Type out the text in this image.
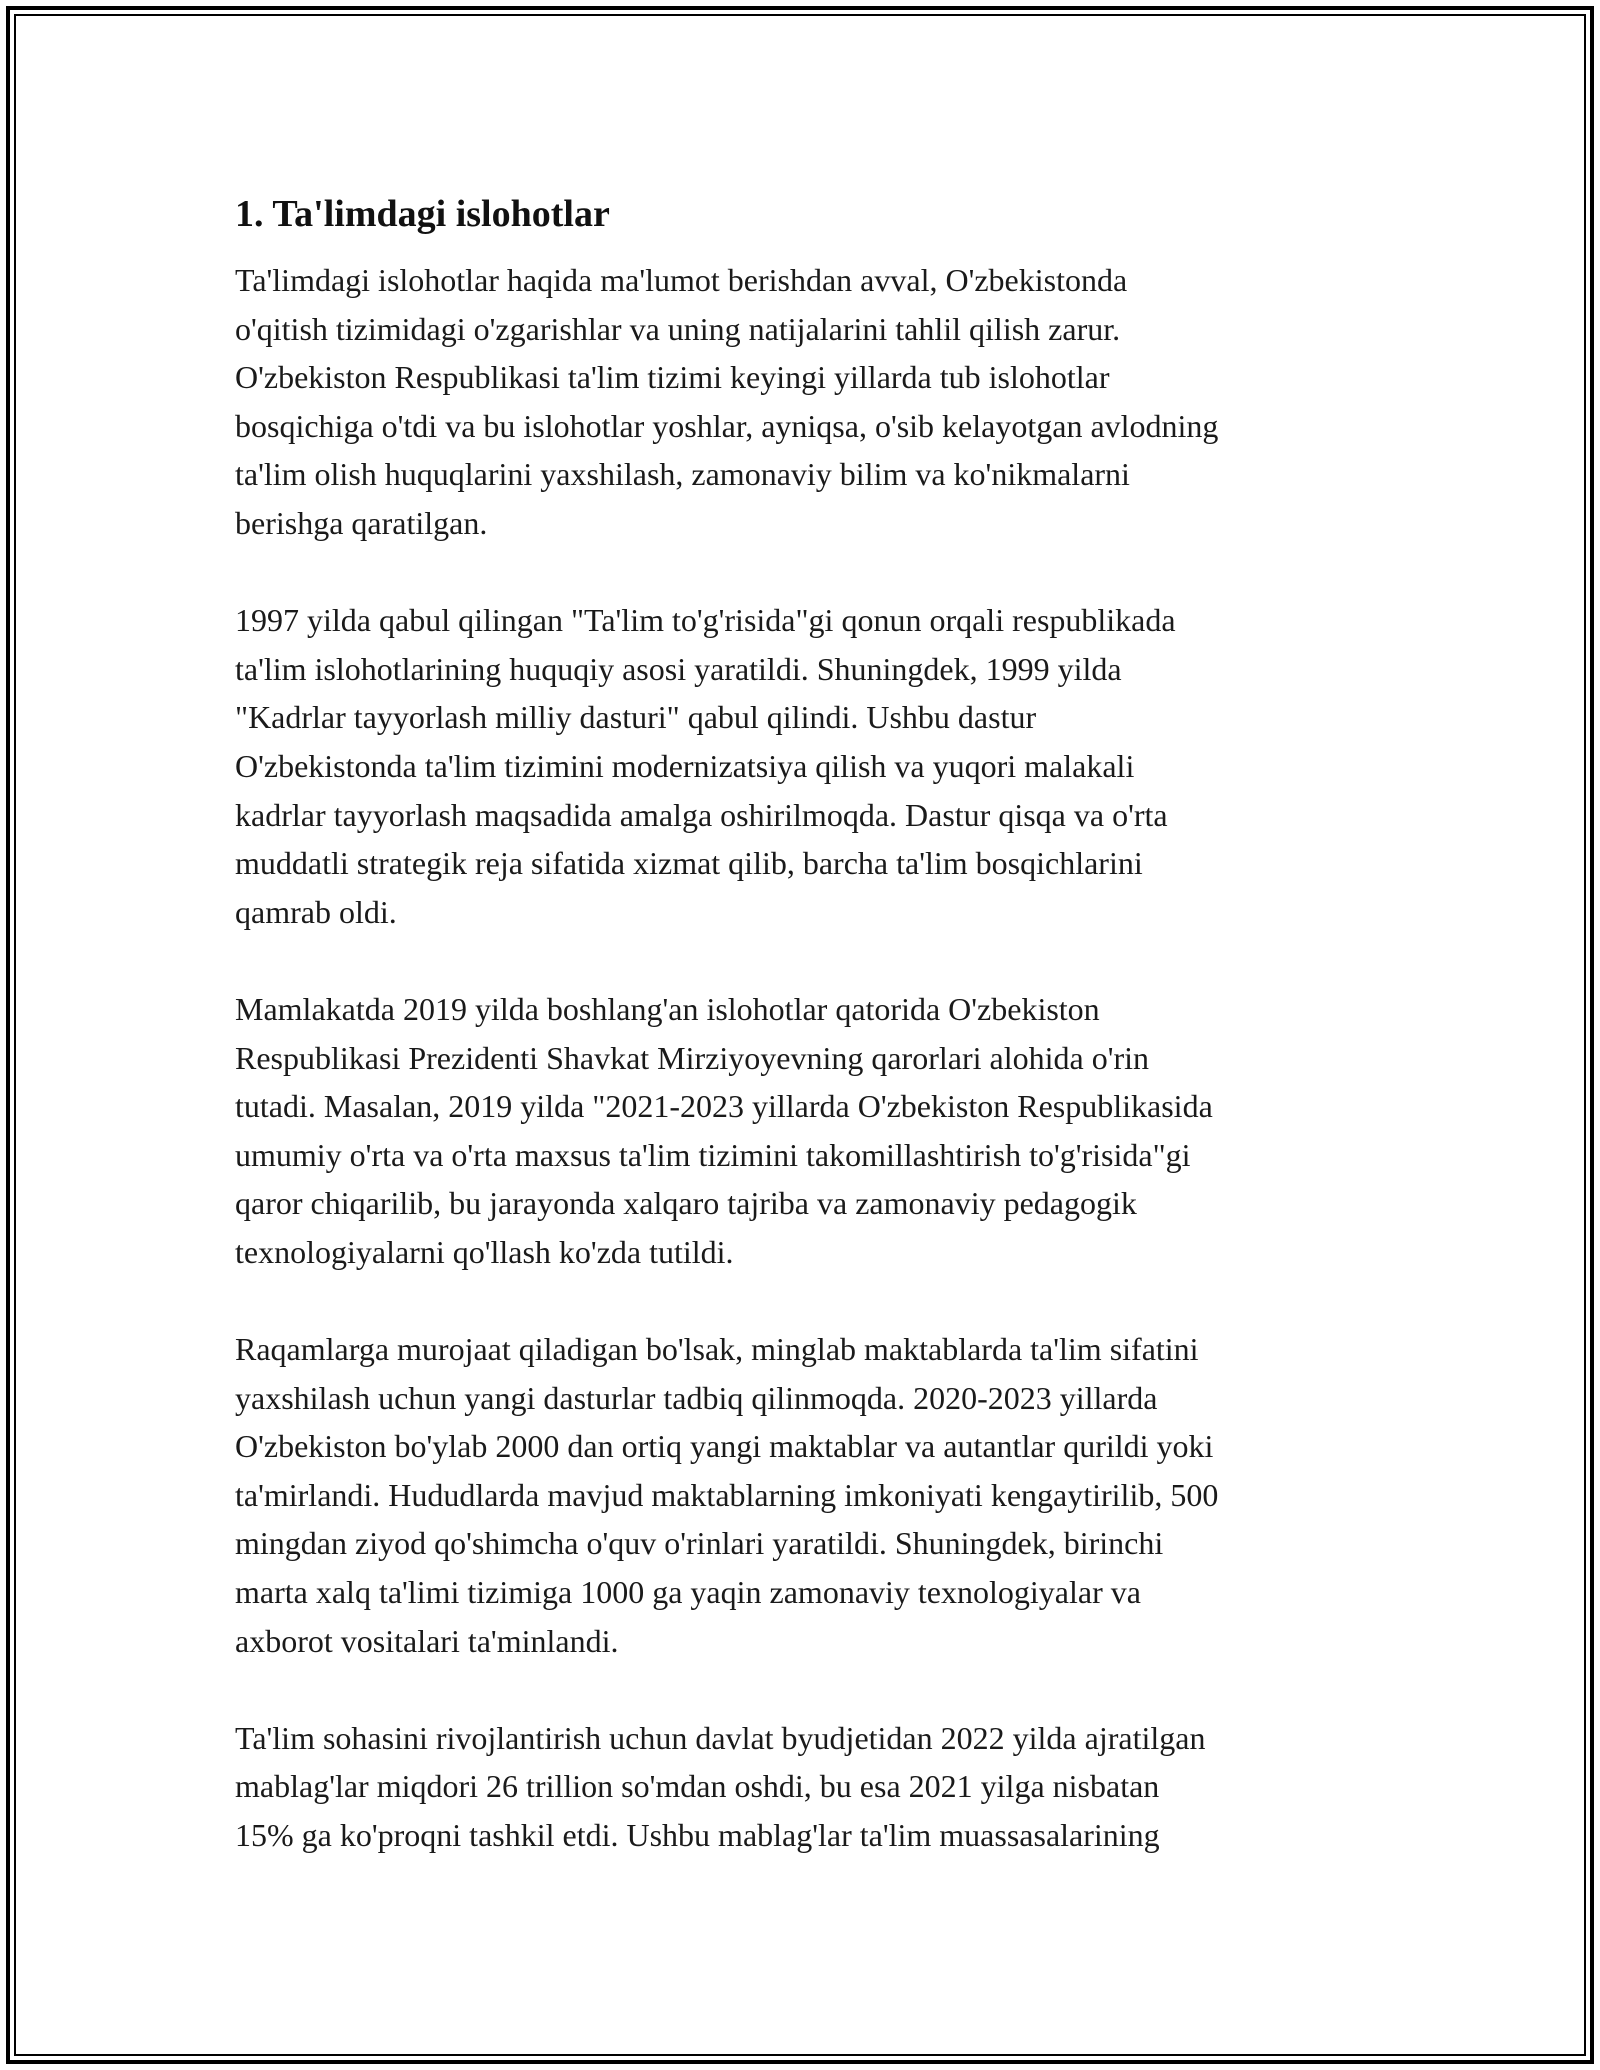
1. Ta'limdagi islohotlar

Ta'limdagi islohotlar haqida ma'lumot berishdan avval, O'zbekistonda
o'qitish tizimidagi o'zgarishlar va uning natijalarini tahlil qilish zarur.
O'zbekiston Respublikasi ta'lim tizimi keyingi yillarda tub islohotlar
bosqichiga o'tdi va bu islohotlar yoshlar, ayniqsa, o'sib kelayotgan avlodning
ta'lim olish huquqlarini yaxshilash, zamonaviy bilim va ko'nikmalarni
berishga qaratilgan.

1997 yilda qabul qilingan "Ta'lim to'g'risida"gi qonun orqali respublikada
ta'lim islohotlarining huquqiy asosi yaratildi. Shuningdek, 1999 yilda
"Kadrlar tayyorlash milliy dasturi" qabul qilindi. Ushbu dastur
O'zbekistonda ta'lim tizimini modernizatsiya qilish va yuqori malakali
kadrlar tayyorlash maqsadida amalga oshirilmoqda. Dastur qisqa va o'rta
muddatli strategik reja sifatida xizmat qilib, barcha ta'lim bosqichlarini
qamrab oldi.

Mamlakatda 2019 yilda boshlang'an islohotlar qatorida O'zbekiston
Respublikasi Prezidenti Shavkat Mirziyoyevning qarorlari alohida o'rin
tutadi. Masalan, 2019 yilda "2021-2023 yillarda O'zbekiston Respublikasida
umumiy o'rta va o'rta maxsus ta'lim tizimini takomillashtirish to'g'risida"gi
qaror chiqarilib, bu jarayonda xalqaro tajriba va zamonaviy pedagogik
texnologiyalarni qo'llash ko'zda tutildi.

Raqamlarga murojaat qiladigan bo'lsak, minglab maktablarda ta'lim sifatini
yaxshilash uchun yangi dasturlar tadbiq qilinmoqda. 2020-2023 yillarda
O'zbekiston bo'ylab 2000 dan ortiq yangi maktablar va autantlar qurildi yoki
ta'mirlandi. Hududlarda mavjud maktablarning imkoniyati kengaytirilib, 500
mingdan ziyod qo'shimcha o'quv o'rinlari yaratildi. Shuningdek, birinchi
marta xalq ta'limi tizimiga 1000 ga yaqin zamonaviy texnologiyalar va
axborot vositalari ta'minlandi.

Ta'lim sohasini rivojlantirish uchun davlat byudjetidan 2022 yilda ajratilgan
mablag'lar miqdori 26 trillion so'mdan oshdi, bu esa 2021 yilga nisbatan
15% ga ko'proqni tashkil etdi. Ushbu mablag'lar ta'lim muassasalarining
